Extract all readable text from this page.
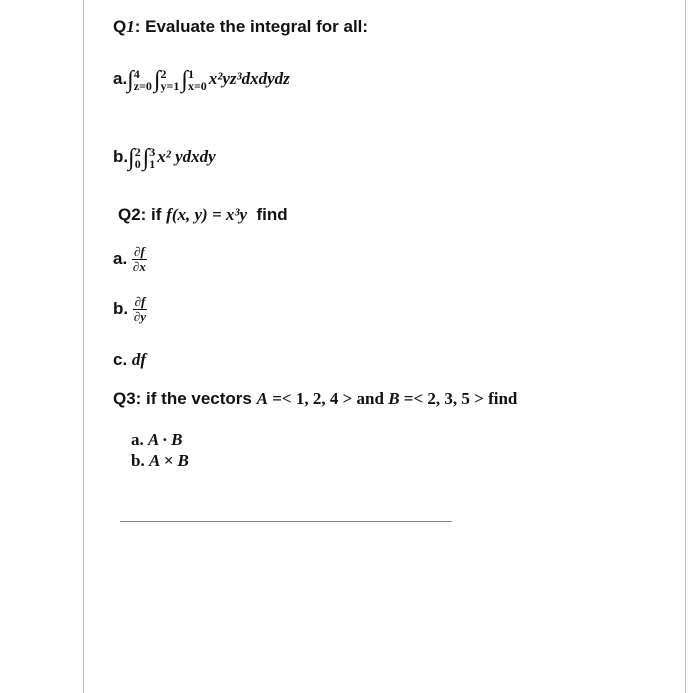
Q1: Evaluate the integral for all:
a.∫ 4
z=0 ∫ 2
y=1 ∫ 1
x=0 x²yz³dxdydz
b.∫ 2
0 ∫ 3
1 x² ydxdy
Q2: if f(x, y) = x³y find
a. $\frac{\partial f}{\partial x}$
b. $\frac{\partial f}{\partial y}$
c. df
Q3: if the vectors A =< 1, 2, 4 > and B =< 2, 3, 5 > find
a. A · B
b. A × B
